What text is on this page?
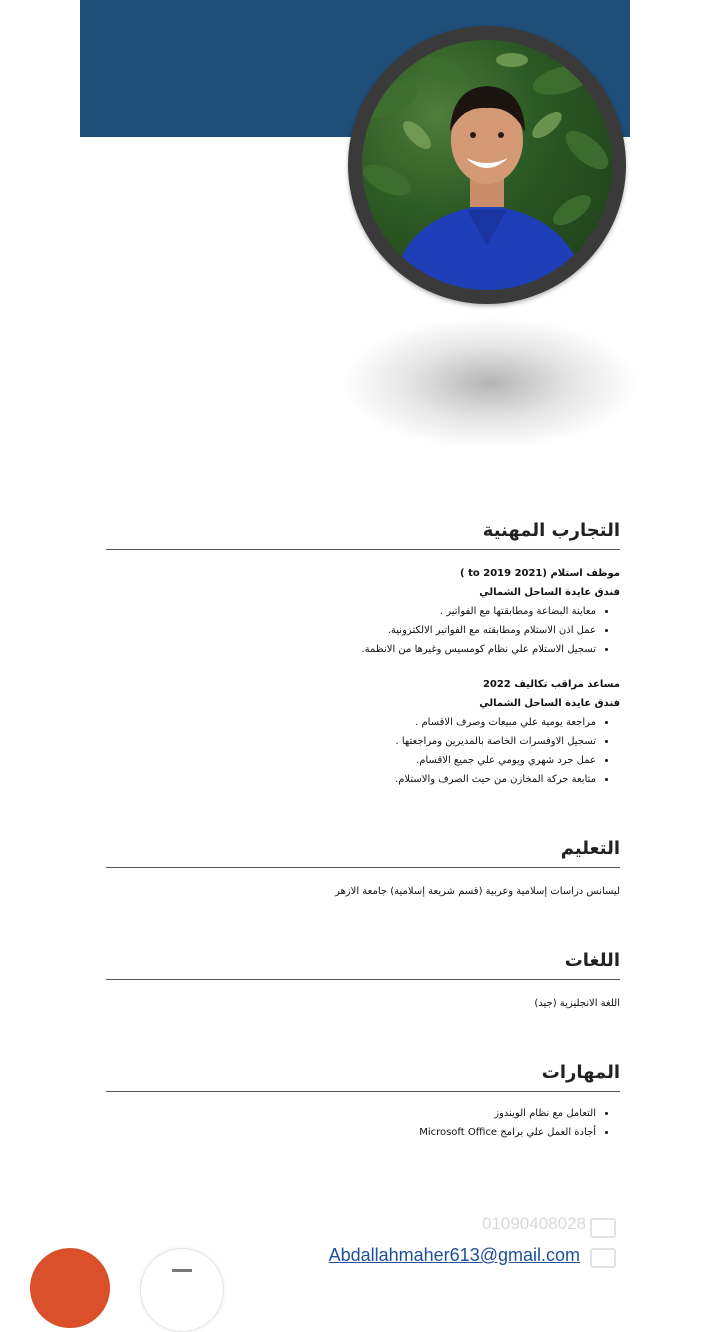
التجارب المهنية
موظف استلام (2021 to 2019 )
فندق عايدة الساحل الشمالي
• معاينة البضاعة ومطابقتها مع الفواتير .
• عمل اذن الاستلام ومطابقته مع الفواتير الالكترونية.
• تسجيل الاستلام علي نظام كومسيس وغيرها من الانظمة.
مساعد مراقب تكاليف 2022
فندق عايدة الساحل الشمالي
• مراجعة يومية علي مبيعات وصرف الاقسام .
• تسجيل الاوفسرات الخاصة بالمديرين ومراجعتها .
• عمل جرد شهري ويومي علي جميع الاقسام.
• متابعة حركة المخازن من حيث الصرف والاستلام.
التعليم
ليسانس دراسات إسلامية وعربية (قسم شريعة إسلامية) جامعة الازهر
اللغات
اللغة الانجليزية (جيد)
المهارات
• التعامل مع نظام الويندوز
• أجادة العمل علي برامج Microsoft Office
01090408028
Abdallahmaher613@gmail.com
